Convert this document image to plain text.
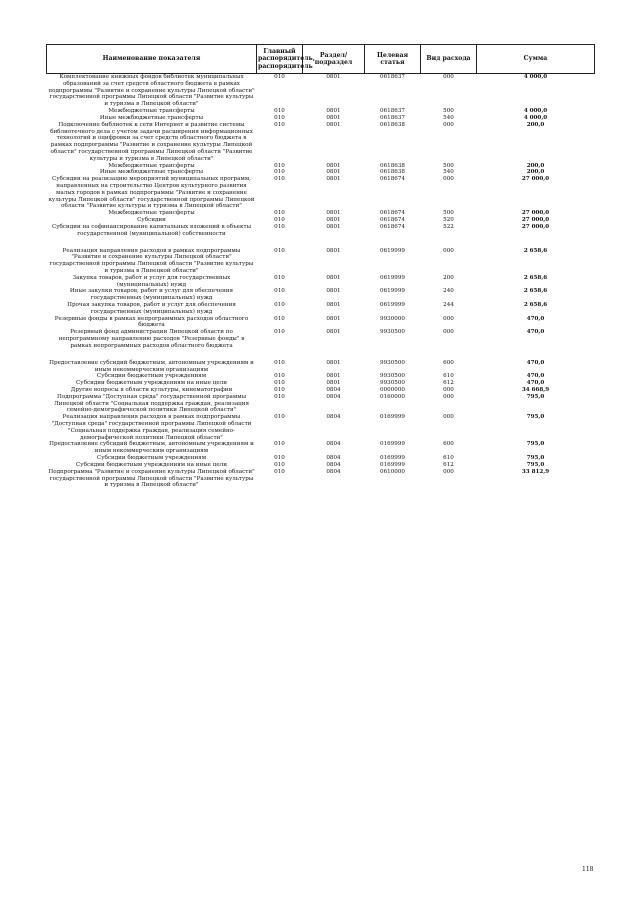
Наименование показателя	Главный распорядитель, распорядитель	Раздел/подраздел	Целевая статья	Вид расхода	Сумма
Комплектование книжных фондов библиотек муниципальных образований за счет средств областного бюджета в рамках подпрограммы "Развитие и сохранение культуры Липецкой области" государственной программы Липецкой области "Развитие культуры и туризма в Липецкой области"	010	0801	0618637	000	4 000,0
Межбюджетные трансферты	010	0801	0618637	500	4 000,0
Иные межбюджетные трансферты	010	0801	0618637	540	4 000,0
Подключение библиотек к сети Интернет и развитие системы библиотечного дела с учетом задачи расширения информационных технологий и оцифровки за счет средств областного бюджета в рамках подпрограммы "Развитие и сохранение культуры Липецкой области" государственной программы Липецкой области "Развитие культуры и туризма в Липецкой области"	010	0801	0618638	000	200,0
Межбюджетные трансферты	010	0801	0618638	500	200,0
Иные межбюджетные трансферты	010	0801	0618638	540	200,0
Субсидии на реализацию мероприятий муниципальных программ, направленных на строительство Центров культурного развития малых городов в рамках подпрограммы "Развитие и сохранение культуры Липецкой области" государственной программы Липецкой области "Развитие культуры и туризма в Липецкой области"	010	0801	0618674	000	27 000,0
Межбюджетные трансферты	010	0801	0618674	500	27 000,0
Субсидии	010	0801	0618674	520	27 000,0
Субсидии на софинансирование капитальных вложений в объекты государственной (муниципальной) собственности	010	0801	0618674	522	27 000,0
Реализация направления расходов в рамках подпрограммы "Развитие и сохранение культуры Липецкой области" государственной программы Липецкой области "Развитие культуры и туризма в Липецкой области"	010	0801	0619999	000	2 658,6
Закупка товаров, работ и услуг для государственных (муниципальных) нужд	010	0801	0619999	200	2 658,6
Иные закупки товаров, работ и услуг для обеспечения государственных (муниципальных) нужд	010	0801	0619999	240	2 658,6
Прочая закупка товаров, работ и услуг для обеспечения государственных (муниципальных) нужд	010	0801	0619999	244	2 658,6
Резервные фонды в рамках непрограммных расходов областного бюджета	010	0801	9930000	000	470,0
Резервный фонд администрации Липецкой области по непрограммному направлению расходов "Резервные фонды" в рамках непрограммных расходов областного бюджета	010	0801	9930500	000	470,0
Предоставление субсидий бюджетным, автономным учреждениям и иным некоммерческим организациям	010	0801	9930500	600	470,0
Субсидии бюджетным учреждениям	010	0801	9930500	610	470,0
Субсидии бюджетным учреждениям на иные цели	010	0801	9930500	612	470,0
Другие вопросы в области культуры, кинематографии	010	0804	0000000	000	34 668,9
Подпрограмма "Доступная среда" государственной программы Липецкой области "Социальная поддержка граждан, реализация семейно-демографической политики Липецкой области"	010	0804	0160000	000	795,0
Реализация направления расходов в рамках подпрограммы "Доступная среда" государственной программы Липецкой области "Социальная поддержка граждан, реализация семейно-демографической политики Липецкой области"	010	0804	0169999	000	795,0
Предоставление субсидий бюджетным, автономным учреждениям и иным некоммерческим организациям	010	0804	0169999	600	795,0
Субсидии бюджетным учреждениям	010	0804	0169999	610	795,0
Субсидии бюджетным учреждениям на иные цели	010	0804	0169999	612	795,0
Подпрограмма "Развитие и сохранение культуры Липецкой области" государственной программы Липецкой области "Развитие культуры и туризма в Липецкой области"	010	0804	0610000	000	33 812,9
118
